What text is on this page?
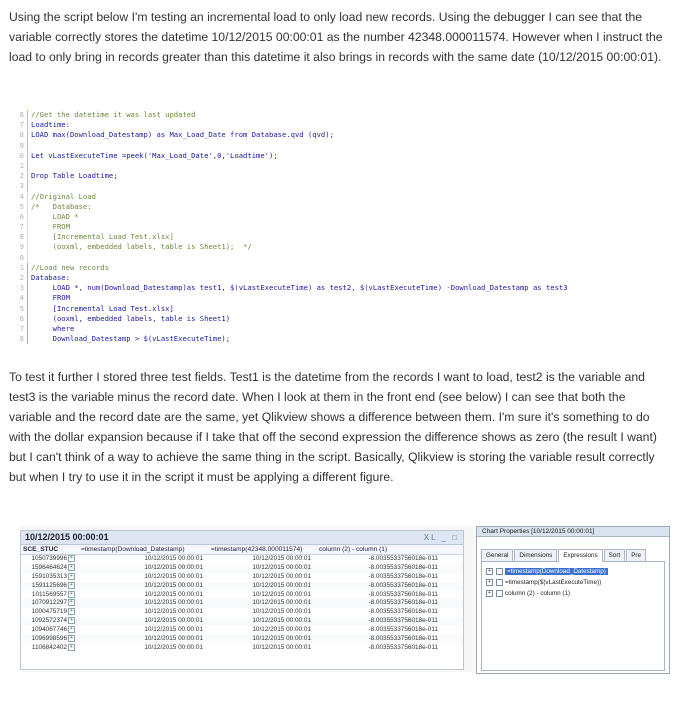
Using the script below I'm testing an incremental load to only load new records. Using the debugger I can see that the variable correctly stores the datetime 10/12/2015 00:00:01 as the number 42348.000011574. However when I instruct the load to only bring in records greater than this datetime it also brings in records with the same date (10/12/2015 00:00:01).

6 //Get the datetime it was last updated
7 Loadtime:
8 LOAD max(Download_Datestamp) as Max_Load_Date from Database.qvd (qvd);
9
0 Let vLastExecuteTime =peek('Max_Load_Date',0,'Loadtime');
1
2 Drop Table Loadtime;
3
4 //Original Load
5 /*   Database:
6 LOAD *
7 FROM
8 [Incremental Load Test.xlsx]
9 (ooxml, embedded labels, table is Sheet1);  */
0
1 //Load new records
2 Database:
3 LOAD *, num(Download_Datestamp)as test1, $(vLastExecuteTime) as test2, $(vLastExecuteTime) -Download_Datestamp as test3
4 FROM
5 [Incremental Load Test.xlsx]
6 (ooxml, embedded labels, table is Sheet1)
7 where
8 Download_Datestamp > $(vLastExecuteTime);

To test it further I stored three test fields. Test1 is the datetime from the records I want to load, test2 is the variable and test3 is the variable minus the record date. When I look at them in the front end (see below) I can see that both the variable and the record date are the same, yet Qlikview shows a difference between them. I'm sure it's something to do with the dollar expansion because if I take that off the second expression the difference shows as zero (the result I want) but I can't think of a way to achieve the same thing in the script. Basically, Qlikview is storing the variable result correctly but when I try to use it in the script it must be applying a different figure.

10/12/2015 00:00:01	XL _ □
SCE_STUC	=timestamp(Download_Datestamp)	=timestamp(42348.000011574)	column (2) - column (1)
1050739996 +	10/12/2015 00:00:01	10/12/2015 00:00:01	-8.0035533756018e-011
1596464624 +	10/12/2015 00:00:01	10/12/2015 00:00:01	-8.0035533756018e-011
1591035313 +	10/12/2015 00:00:01	10/12/2015 00:00:01	-8.0035533756018e-011
1591125696 +	10/12/2015 00:00:01	10/12/2015 00:00:01	-8.0035533756018e-011
1011569557 +	10/12/2015 00:00:01	10/12/2015 00:00:01	-8.0035533756018e-011
1070912297 +	10/12/2015 00:00:01	10/12/2015 00:00:01	-8.0035533756018e-011
1000475719 +	10/12/2015 00:00:01	10/12/2015 00:00:01	-8.0035533756018e-011
1092572374 +	10/12/2015 00:00:01	10/12/2015 00:00:01	-8.0035533756018e-011
1094067746 +	10/12/2015 00:00:01	10/12/2015 00:00:01	-8.0035533756018e-011
1096998596 +	10/12/2015 00:00:01	10/12/2015 00:00:01	-8.0035533756018e-011
1106842402 +	10/12/2015 00:00:01	10/12/2015 00:00:01	-8.0035533756018e-011
Chart Properties [10/12/2015 00:00:01]
General	Dimensions	Expressions	Sort	Pre
+	=timestamp(Download_Datestamp)
+	=timestamp($(vLastExecuteTime))
+	column (2) - column (1)
